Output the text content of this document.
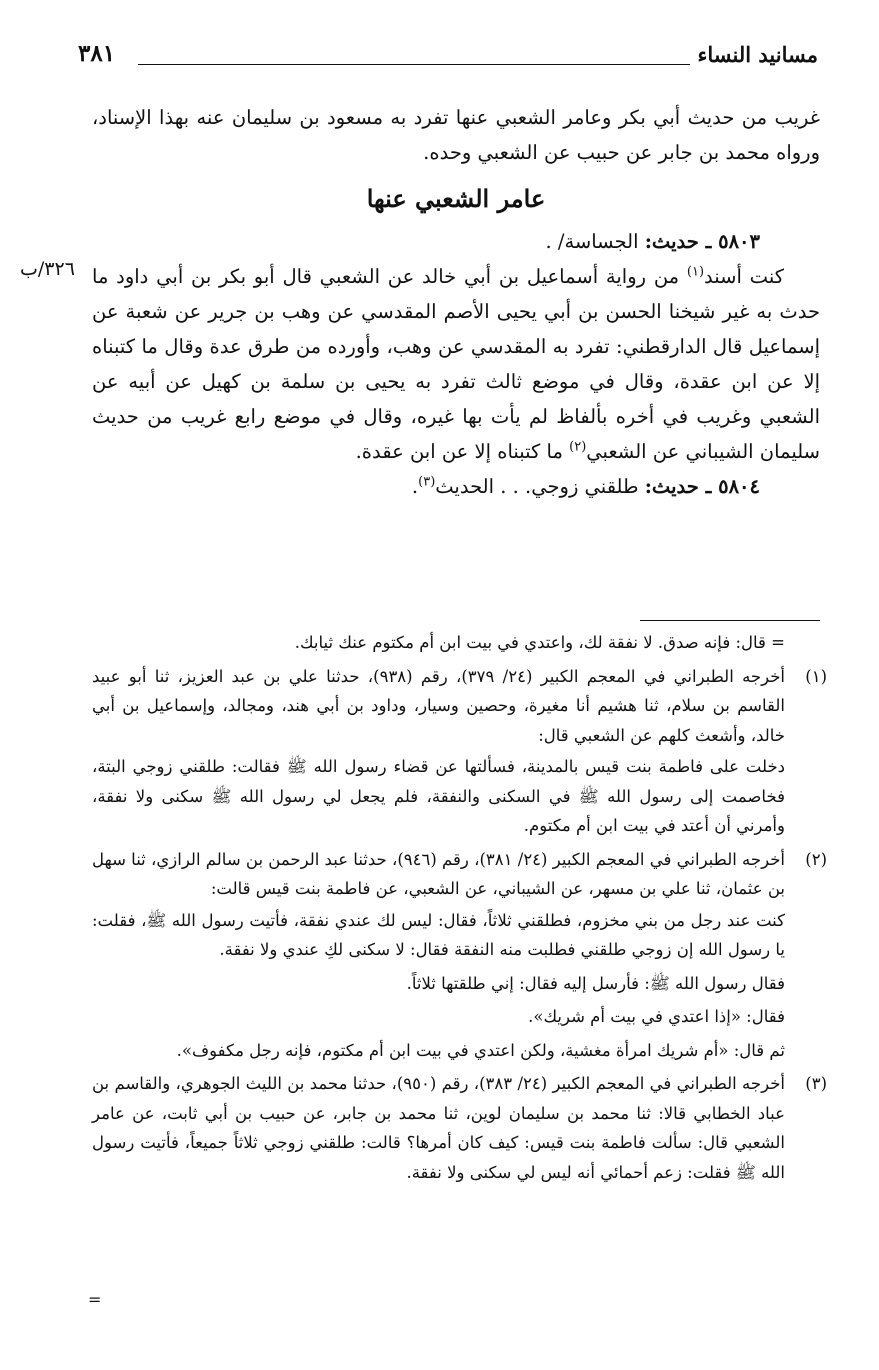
مسانيد النساء
٣٨١
٣٢٦/ب

غريب من حديث أبي بكر وعامر الشعبي عنها تفرد به مسعود بن سليمان عنه بهذا الإسناد، ورواه محمد بن جابر عن حبيب عن الشعبي وحده.

عامر الشعبي عنها

٥٨٠٣ ـ حديث: الجساسة/ .

كنت أسند$^{(١)}$ من رواية أسماعيل بن أبي خالد عن الشعبي قال أبو بكر بن أبي داود ما حدث به غير شيخنا الحسن بن أبي يحيى الأصم المقدسي عن وهب بن جرير عن شعبة عن إسماعيل قال الدارقطني: تفرد به المقدسي عن وهب، وأورده من طرق عدة وقال ما كتبناه إلا عن ابن عقدة، وقال في موضع ثالث تفرد به يحيى بن سلمة بن كهيل عن أبيه عن الشعبي وغريب في أخره بألفاظ لم يأت بها غيره، وقال في موضع رابع غريب من حديث سليمان الشيباني عن الشعبي$^{(٢)}$ ما كتبناه إلا عن ابن عقدة.

٥٨٠٤ ـ حديث: طلقني زوجي. . . الحديث$^{(٣)}$.

= قال: فإنه صدق. لا نفقة لك، واعتدي في بيت ابن أم مكتوم عنك ثيابك.

(١)

أخرجه الطبراني في المعجم الكبير (٢٤/ ٣٧٩)، رقم (٩٣٨)، حدثنا علي بن عبد العزيز، ثنا أبو عبيد القاسم بن سلام، ثنا هشيم أنا مغيرة، وحصين وسيار، وداود بن أبي هند، ومجالد، وإسماعيل بن أبي خالد، وأشعث كلهم عن الشعبي قال:

دخلت على فاطمة بنت قيس بالمدينة، فسألتها عن قضاء رسول الله ﷺ فقالت: طلقني زوجي البتة، فخاصمت إلى رسول الله ﷺ في السكنى والنفقة، فلم يجعل لي رسول الله ﷺ سكنى ولا نفقة، وأمرني أن أعتد في بيت ابن أم مكتوم.

(٢)

أخرجه الطبراني في المعجم الكبير (٢٤/ ٣٨١)، رقم (٩٤٦)، حدثنا عبد الرحمن بن سالم الرازي، ثنا سهل بن عثمان، ثنا علي بن مسهر، عن الشيباني، عن الشعبي، عن فاطمة بنت قيس قالت:

كنت عند رجل من بني مخزوم، فطلقني ثلاثاً، فقال: ليس لك عندي نفقة، فأتيت رسول الله ﷺ، فقلت: يا رسول الله إن زوجي طلقني فطلبت منه النفقة فقال: لا سكنى لكِ عندي ولا نفقة.

فقال رسول الله ﷺ: فأرسل إليه فقال: إني طلقتها ثلاثاً.

فقال: «إذا اعتدي في بيت أم شريك».

ثم قال: «أم شريك امرأة مغشية، ولكن اعتدي في بيت ابن أم مكتوم، فإنه رجل مكفوف».

(٣)

أخرجه الطبراني في المعجم الكبير (٢٤/ ٣٨٣)، رقم (٩٥٠)، حدثنا محمد بن الليث الجوهري، والقاسم بن عباد الخطابي قالا: ثنا محمد بن سليمان لوين، ثنا محمد بن جابر، عن حبيب بن أبي ثابت، عن عامر الشعبي قال: سألت فاطمة بنت قيس: كيف كان أمرها؟ قالت: طلقني زوجي ثلاثاً جميعاً، فأتيت رسول الله ﷺ فقلت: زعم أحمائي أنه ليس لي سكنى ولا نفقة.

=
